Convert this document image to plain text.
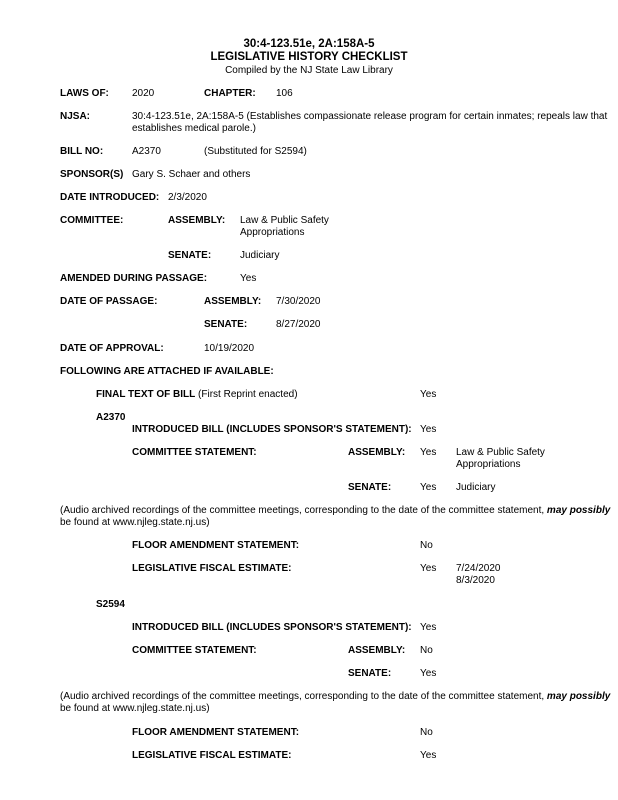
30:4-123.51e, 2A:158A-5
LEGISLATIVE HISTORY CHECKLIST
Compiled by the NJ State Law Library
LAWS OF: 2020	CHAPTER: 106
NJSA:	30:4-123.51e, 2A:158A-5 (Establishes compassionate release program for certain inmates; repeals law that
establishes medical parole.)
BILL NO:	A2370	(Substituted for S2594)
SPONSOR(S) Gary S. Schaer and others
DATE INTRODUCED: 2/3/2020
COMMITTEE:	ASSEMBLY: Law & Public Safety
Appropriations
SENATE:	Judiciary
AMENDED DURING PASSAGE:	Yes
DATE OF PASSAGE:	ASSEMBLY: 7/30/2020
SENATE:	8/27/2020
DATE OF APPROVAL:	10/19/2020
FOLLOWING ARE ATTACHED IF AVAILABLE:
FINAL TEXT OF BILL (First Reprint enacted)	Yes
A2370
INTRODUCED BILL (INCLUDES SPONSOR'S STATEMENT): Yes
COMMITTEE STATEMENT:	ASSEMBLY: Yes Law & Public Safety
Appropriations
SENATE:	Yes Judiciary
(Audio archived recordings of the committee meetings, corresponding to the date of the committee statement, may possibly
be found at www.njleg.state.nj.us)
FLOOR AMENDMENT STATEMENT:	No
LEGISLATIVE FISCAL ESTIMATE:	Yes 7/24/2020
8/3/2020
S2594
INTRODUCED BILL (INCLUDES SPONSOR'S STATEMENT): Yes
COMMITTEE STATEMENT:	ASSEMBLY: No
SENATE:	Yes
(Audio archived recordings of the committee meetings, corresponding to the date of the committee statement, may possibly
be found at www.njleg.state.nj.us)
FLOOR AMENDMENT STATEMENT:	No
LEGISLATIVE FISCAL ESTIMATE:	Yes
